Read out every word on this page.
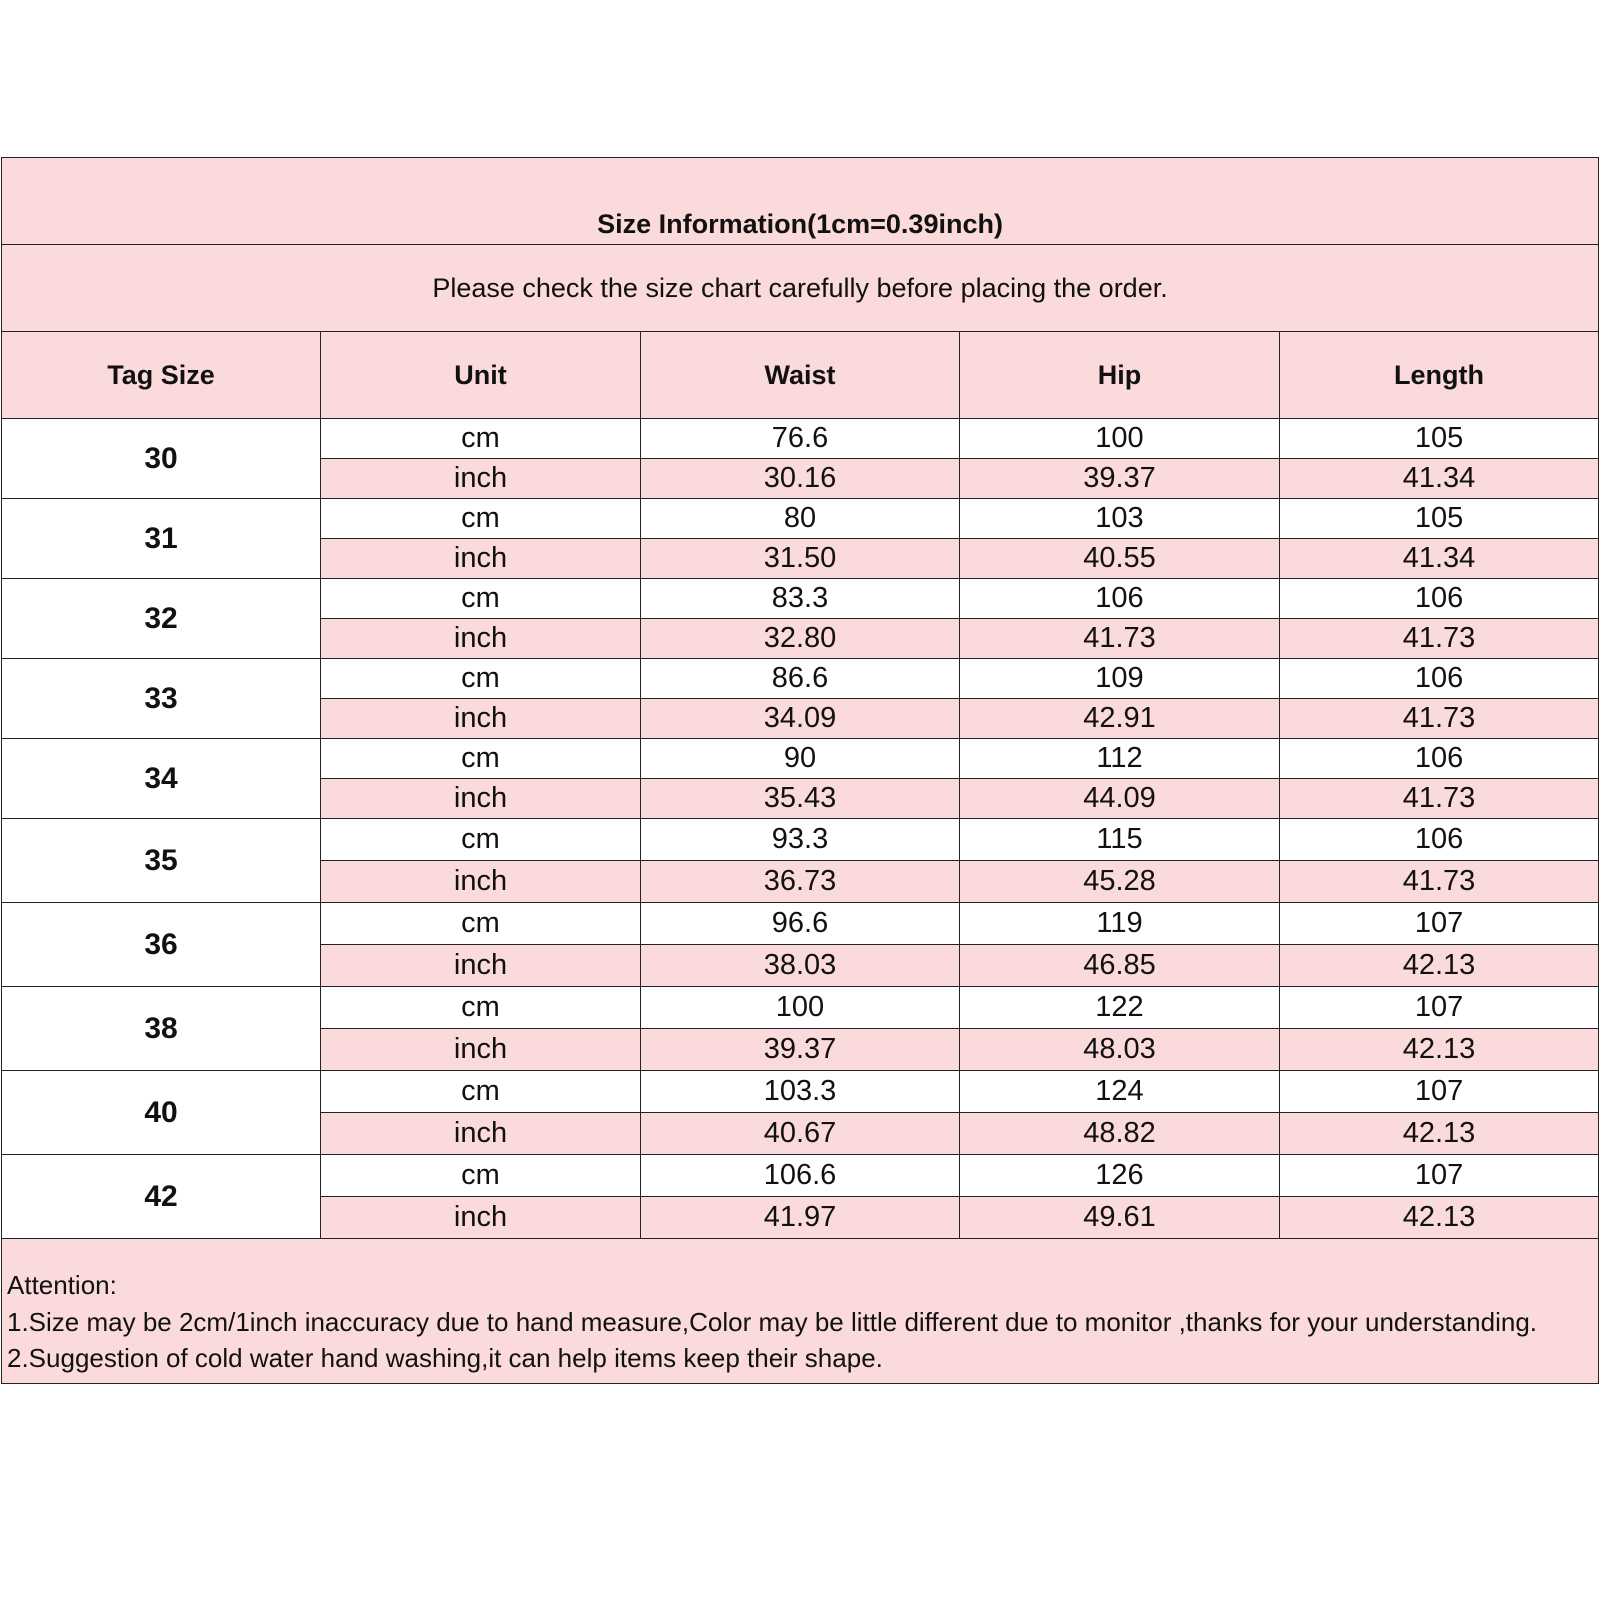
Size Information(1cm=0.39inch)				
Please check the size chart carefully before placing the order.				
Tag Size	Unit	Waist	Hip	Length
30	cm	76.6	100	105
	inch	30.16	39.37	41.34
31	cm	80	103	105
	inch	31.50	40.55	41.34
32	cm	83.3	106	106
	inch	32.80	41.73	41.73
33	cm	86.6	109	106
	inch	34.09	42.91	41.73
34	cm	90	112	106
	inch	35.43	44.09	41.73
35	cm	93.3	115	106
	inch	36.73	45.28	41.73
36	cm	96.6	119	107
	inch	38.03	46.85	42.13
38	cm	100	122	107
	inch	39.37	48.03	42.13
40	cm	103.3	124	107
	inch	40.67	48.82	42.13
42	cm	106.6	126	107
	inch	41.97	49.61	42.13

Attention:
1.Size may be 2cm/1inch inaccuracy due to hand measure,Color may be little different due to monitor ,thanks for your understanding.
2.Suggestion of cold water hand washing,it can help items keep their shape.				
